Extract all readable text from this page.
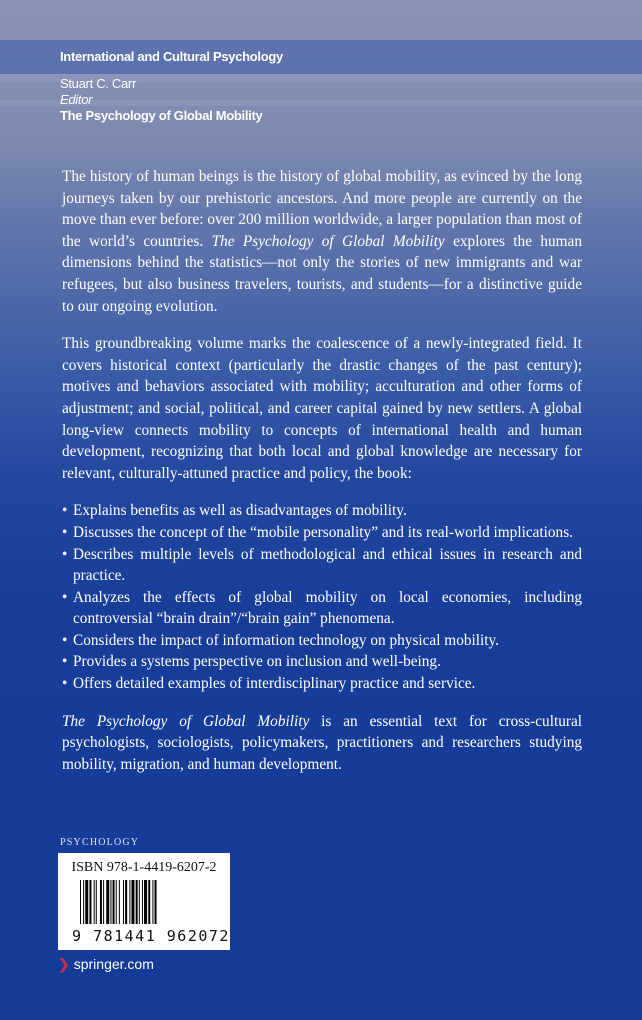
International and Cultural Psychology
Stuart C. Carr
Editor
The Psychology of Global Mobility

The history of human beings is the history of global mobility, as evinced by the long journeys taken by our prehistoric ancestors. And more people are currently on the move than ever before: over 200 million worldwide, a larger population than most of the world’s countries. The Psychology of Global Mobility explores the human dimensions behind the statistics—not only the stories of new immigrants and war refugees, but also business travelers, tourists, and students—for a distinctive guide to our ongoing evolution.

This groundbreaking volume marks the coalescence of a newly-integrated field. It covers historical context (particularly the drastic changes of the past century); motives and behaviors associated with mobility; acculturation and other forms of adjustment; and social, political, and career capital gained by new settlers. A global long-view connects mobility to concepts of international health and human development, recognizing that both local and global knowledge are necessary for relevant, culturally-attuned practice and policy, the book:

• Explains benefits as well as disadvantages of mobility.
• Discusses the concept of the “mobile personality” and its real-world implications.
• Describes multiple levels of methodological and ethical issues in research and practice.
• Analyzes the effects of global mobility on local economies, including controversial “brain drain”/“brain gain” phenomena.
• Considers the impact of information technology on physical mobility.
• Provides a systems perspective on inclusion and well-being.
• Offers detailed examples of interdisciplinary practice and service.

The Psychology of Global Mobility is an essential text for cross-cultural psychologists, sociologists, policymakers, practitioners and researchers studying mobility, migration, and human development.

PSYCHOLOGY
ISBN 978-1-4419-6207-2
9 781441 962072
❯ springer.com
